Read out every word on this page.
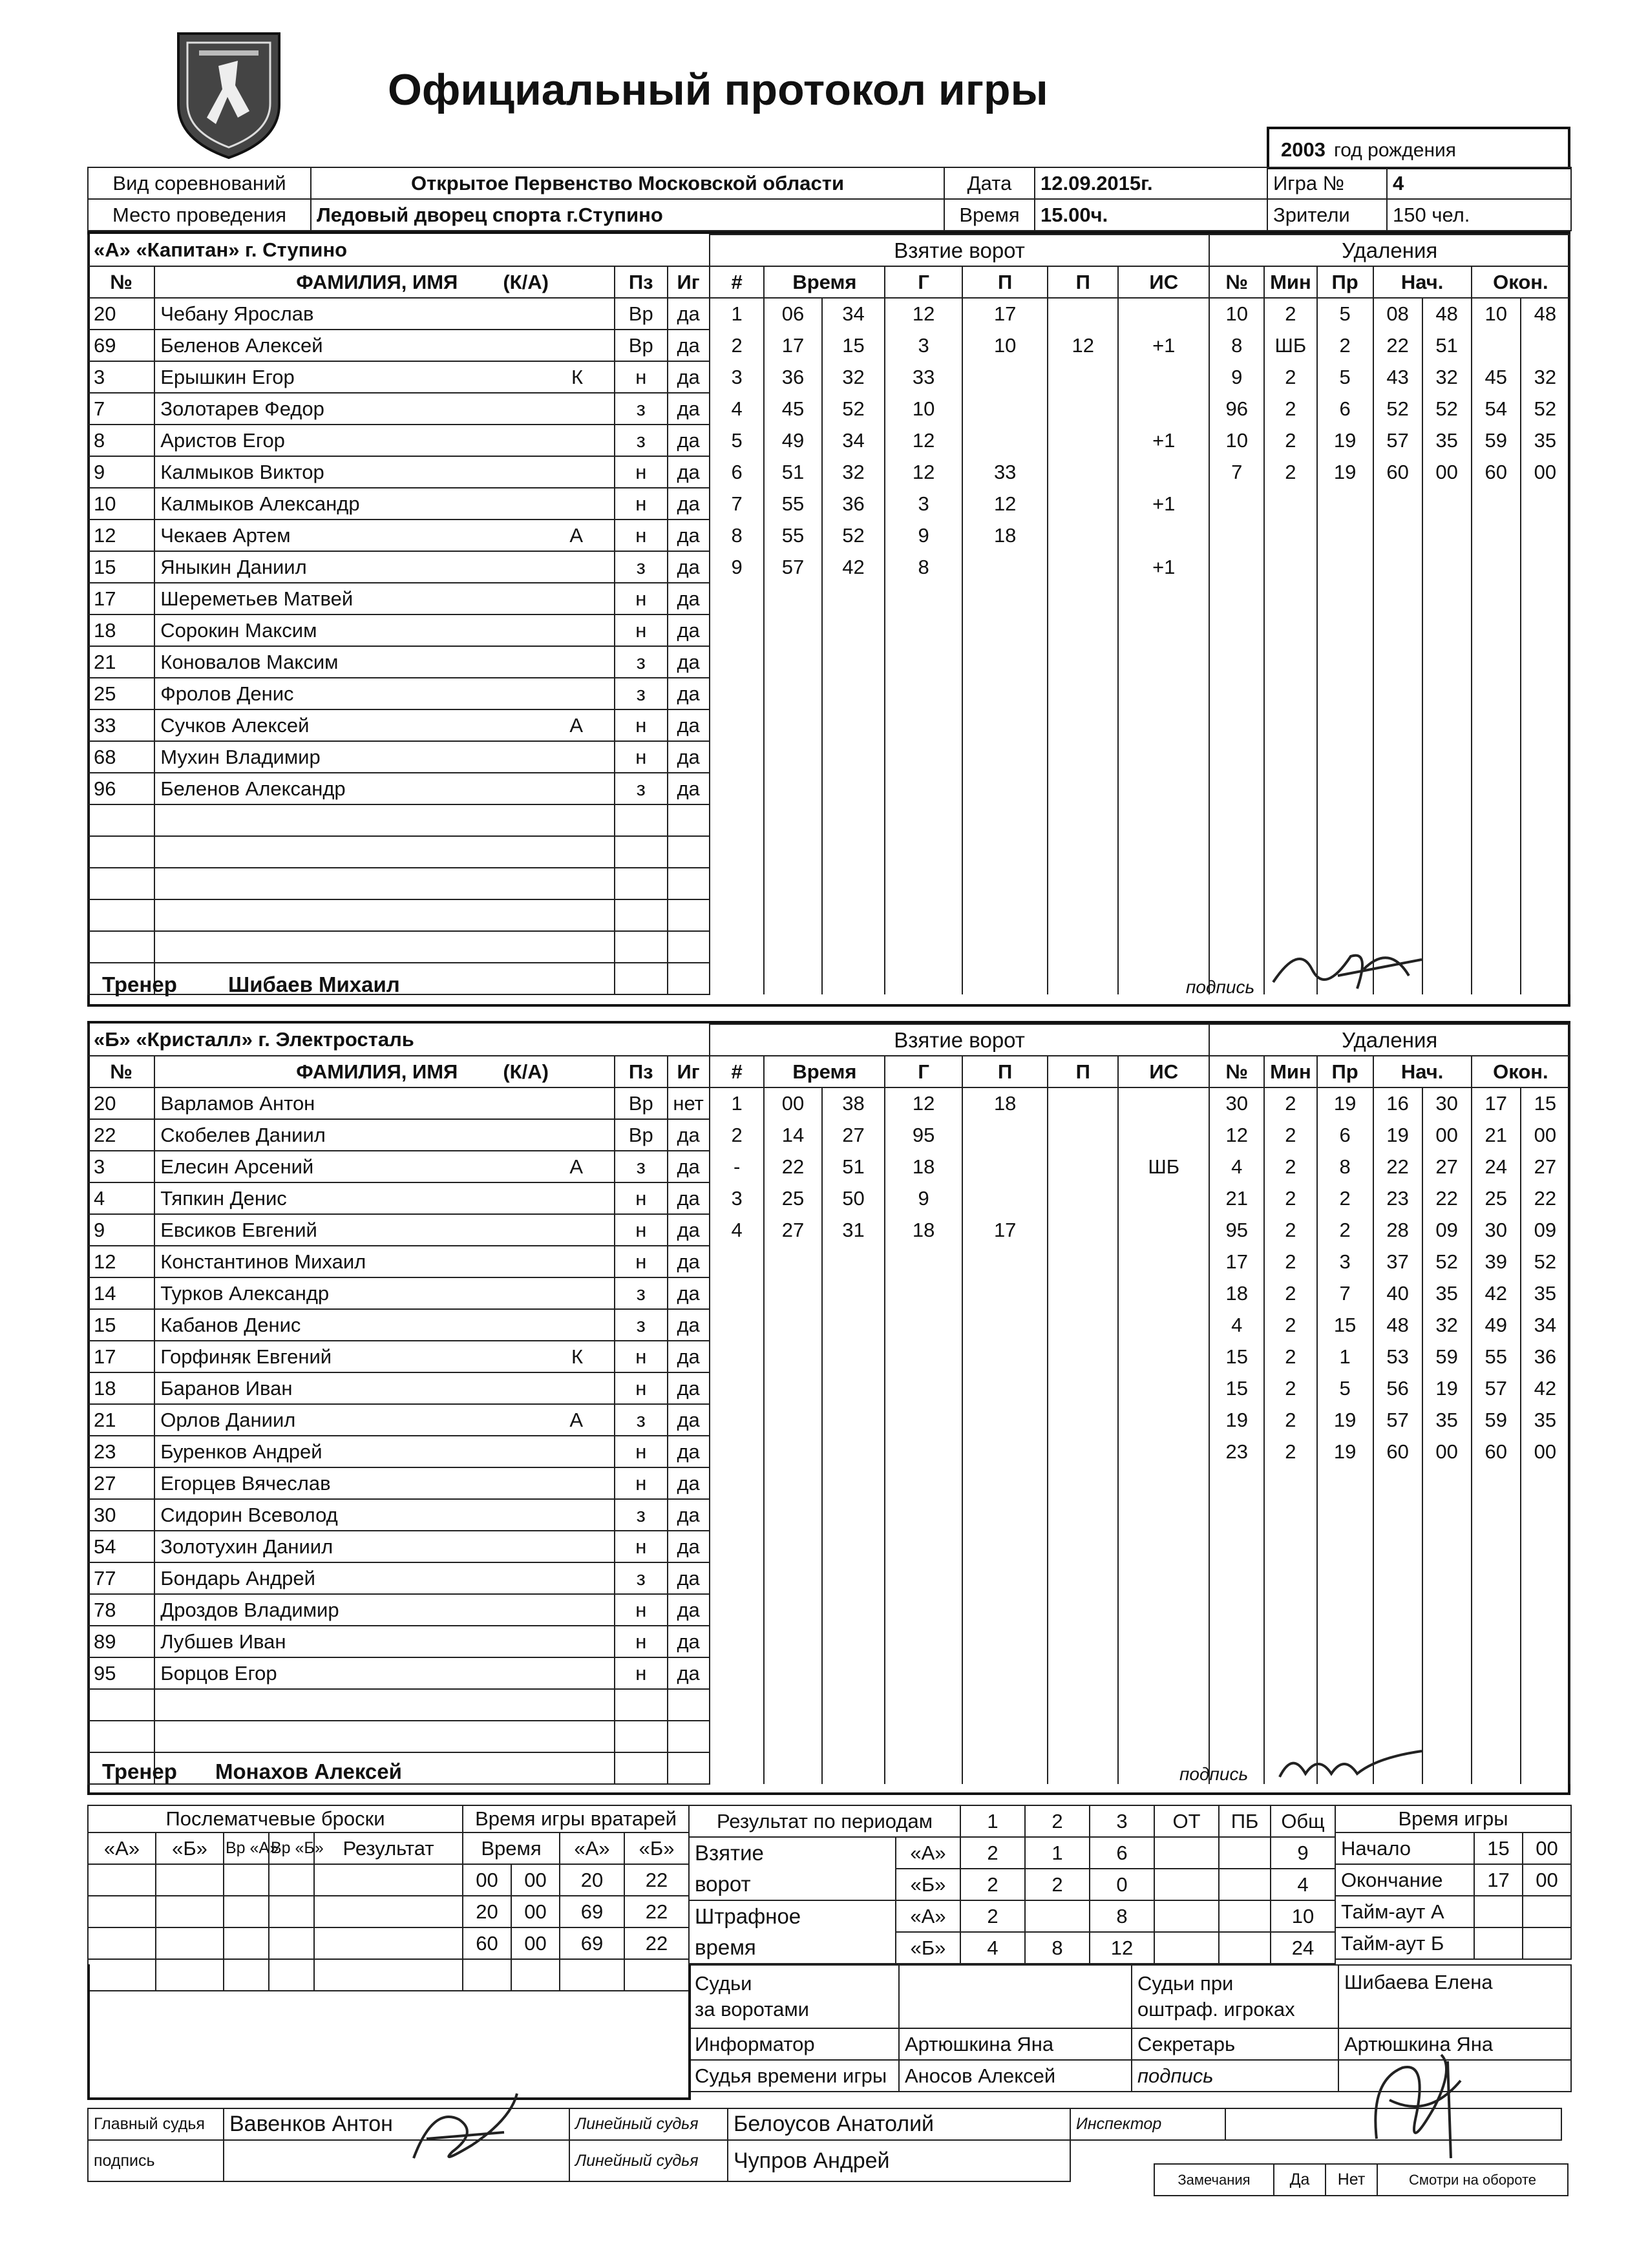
Официальный протокол игры
2003 год рождения
Вид соревнований	Открытое Первенство Московской области	Дата	12.09.2015г.	Игра №	4
Место проведения	Ледовый дворец спорта г.Ступино	Время	15.00ч.	Зрители	150 чел.
«А» «Капитан» г. Ступино				Взятие ворот							Удаления						
№	ФАМИЛИЯ, ИМЯ (К/А)	Пз	Иг	#	Время		Г	П	П	ИС	№	Мин	Пр	Нач.		Окон.	
20	Чебану Ярослав	Вр	да	1	06	34	12	17			10	2	5	08	48	10	48
69	Беленов Алексей	Вр	да	2	17	15	3	10	12	+1	8	ШБ	2	22	51		
3	Ерышкин Егор К	н	да	3	36	32	33				9	2	5	43	32	45	32
7	Золотарев Федор	з	да	4	45	52	10				96	2	6	52	52	54	52
8	Аристов Егор	з	да	5	49	34	12			+1	10	2	19	57	35	59	35
9	Калмыков Виктор	н	да	6	51	32	12	33			7	2	19	60	00	60	00
10	Калмыков Александр	н	да	7	55	36	3	12		+1							
12	Чекаев Артем А	н	да	8	55	52	9	18									
15	Яныкин Даниил	з	да	9	57	42	8			+1							
17	Шереметьев Матвей	н	да														
18	Сорокин Максим	н	да														
21	Коновалов Максим	з	да														
25	Фролов Денис	з	да														
33	Сучков Алексей А	н	да														
68	Мухин Владимир	н	да														
96	Беленов Александр	з	да														

Тренер Шибаев Михаил	подпись
«Б» «Кристалл» г. Электросталь				Взятие ворот							Удаления						
№	ФАМИЛИЯ, ИМЯ (К/А)	Пз	Иг	#	Время		Г	П	П	ИС	№	Мин	Пр	Нач.		Окон.	
20	Варламов Антон	Вр	нет	1	00	38	12	18			30	2	19	16	30	17	15
22	Скобелев Даниил	Вр	да	2	14	27	95				12	2	6	19	00	21	00
3	Елесин Арсений А	з	да	-	22	51	18			ШБ	4	2	8	22	27	24	27
4	Тяпкин Денис	н	да	3	25	50	9				21	2	2	23	22	25	22
9	Евсиков Евгений	н	да	4	27	31	18	17			95	2	2	28	09	30	09
12	Константинов Михаил	н	да								17	2	3	37	52	39	52
14	Турков Александр	з	да								18	2	7	40	35	42	35
15	Кабанов Денис	з	да								4	2	15	48	32	49	34
17	Горфиняк Евгений К	н	да								15	2	1	53	59	55	36
18	Баранов Иван	н	да								15	2	5	56	19	57	42
21	Орлов Даниил А	з	да								19	2	19	57	35	59	35
23	Буренков Андрей	н	да								23	2	19	60	00	60	00
27	Егорцев Вячеслав	н	да														
30	Сидорин Всеволод	з	да														
54	Золотухин Даниил	н	да														
77	Бондарь Андрей	з	да														
78	Дроздов Владимир	н	да														
89	Лубшев Иван	н	да														
95	Борцов Егор	н	да														

Тренер Монахов Алексей	подпись
Послематчевые броски				
«А»	«Б»	Вр «А»	Вр «Б»	Результат

Время игры вратарей			
Время		«А»	«Б»
00	00	20	22
20	00	69	22
60	00	69	22

Результат по периодам		1	2	3	ОТ	ПБ	Общ
Взятие	«А»	2	1	6			9
ворот	«Б»	2	2	0			4
Штрафное	«А»	2		8			10
время	«Б»	4	8	12			24
Время игры		
Начало	15	00
Окончание	17	00
Тайм-аут А		
Тайм-аут Б		
Судьи
за воротами		Судьи при
оштраф. игроках	Шибаева Елена
Информатор	Артюшкина Яна	Секретарь	Артюшкина Яна
Судья времени игры	Аносов Алексей	подпись	
Главный судья	Вавенков Антон	Линейный судья	Белоусов Анатолий	Инспектор	
подпись		Линейный судья	Чупров Андрей		
Замечания	Да	Нет	Смотри на обороте
